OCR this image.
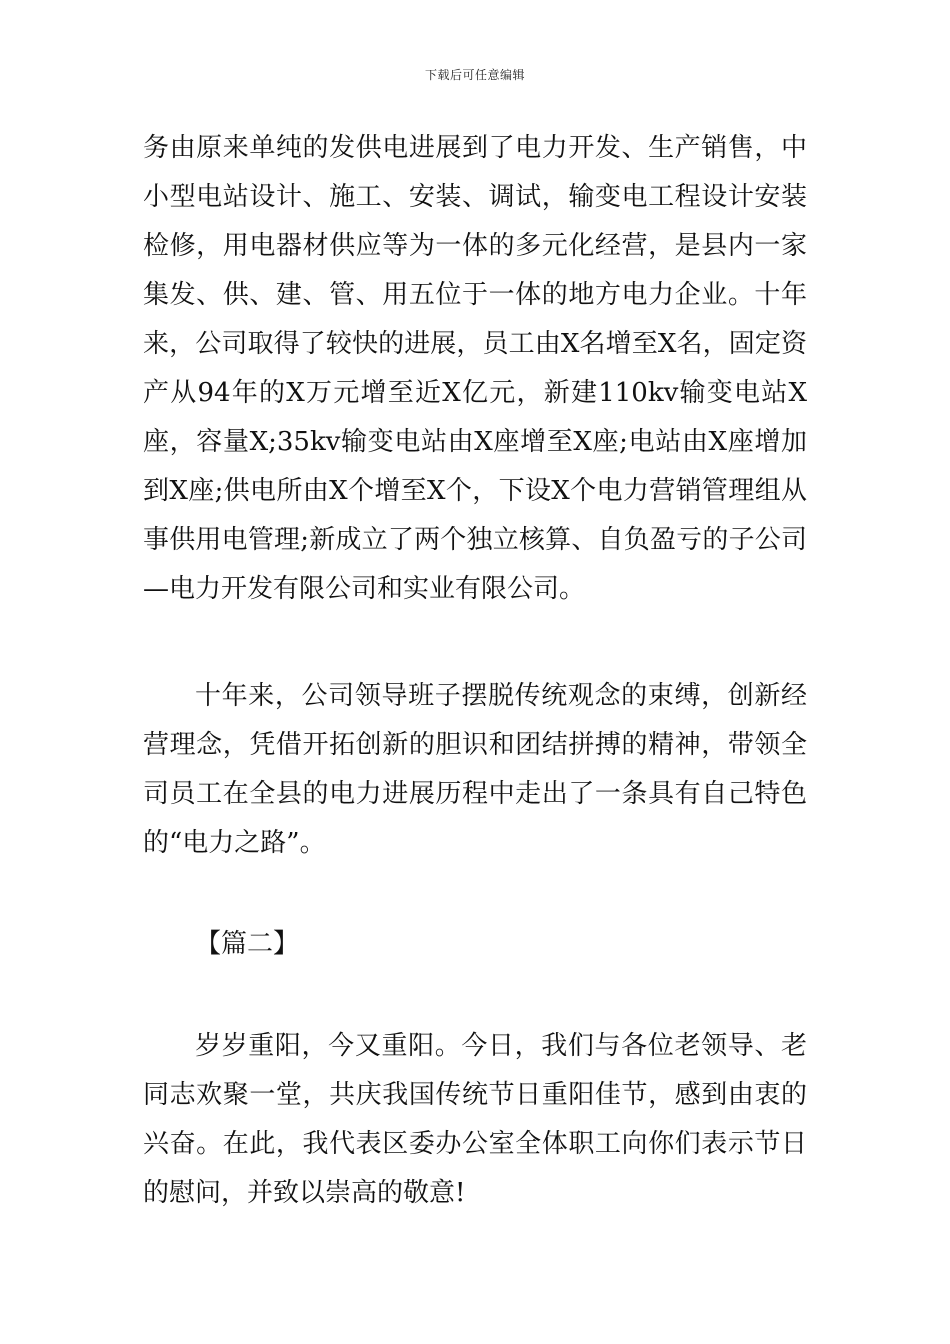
下载后可任意编辑

务由原来单纯的发供电进展到了电力开发、生产销售，中小型电站设计、施工、安装、调试，输变电工程设计安装检修，用电器材供应等为一体的多元化经营，是县内一家集发、供、建、管、用五位于一体的地方电力企业。十年来，公司取得了较快的进展，员工由X名增至X名，固定资产从94年的X万元增至近X亿元，新建110kv输变电站X座，容量X;35kv输变电站由X座增至X座;电站由X座增加到X座;供电所由X个增至X个，下设X个电力营销管理组从事供用电管理;新成立了两个独立核算、自负盈亏的子公司—电力开发有限公司和实业有限公司。

十年来，公司领导班子摆脱传统观念的束缚，创新经营理念，凭借开拓创新的胆识和团结拼搏的精神，带领全司员工在全县的电力进展历程中走出了一条具有自己特色的“电力之路”。

【篇二】

岁岁重阳，今又重阳。今日，我们与各位老领导、老同志欢聚一堂，共庆我国传统节日重阳佳节，感到由衷的兴奋。在此，我代表区委办公室全体职工向你们表示节日的慰问，并致以崇高的敬意!
